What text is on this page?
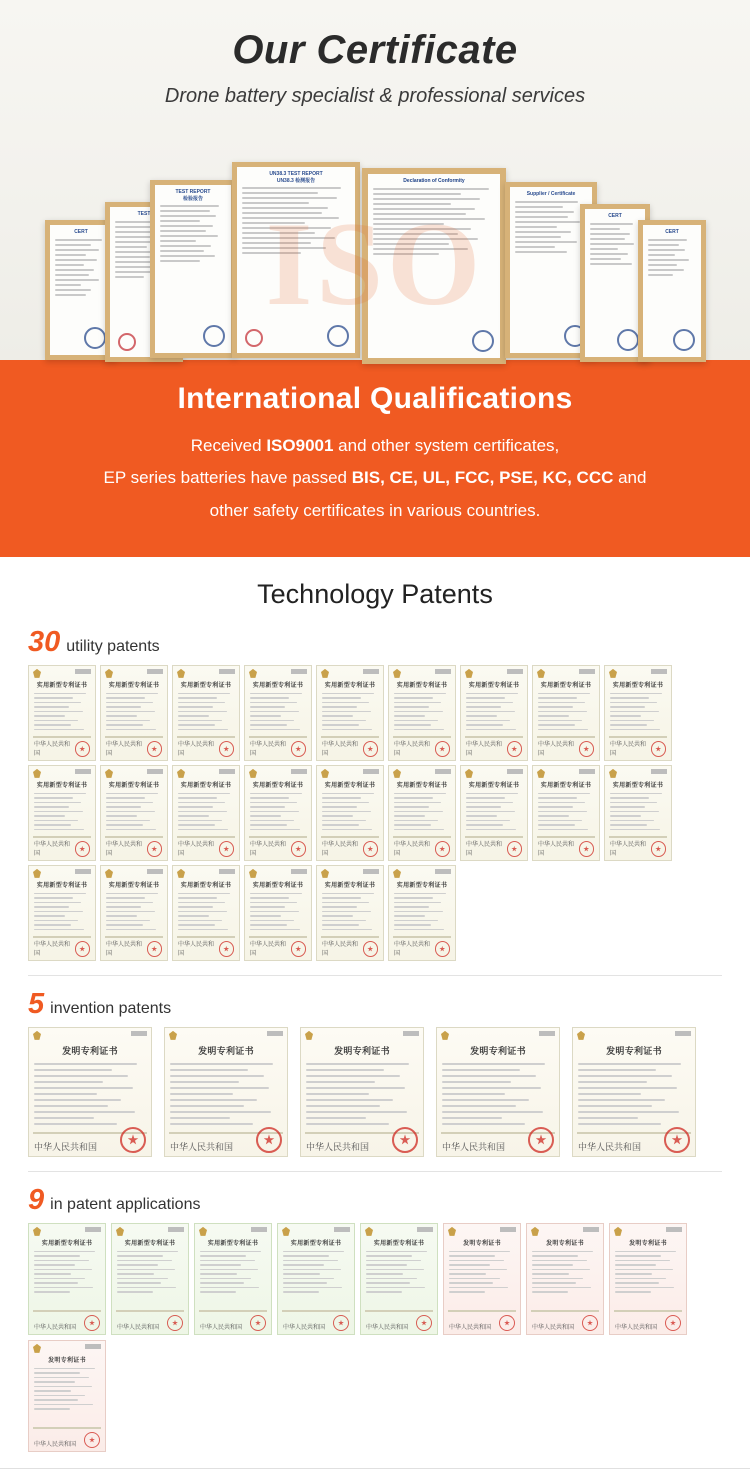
Our Certificate

Drone battery specialist & professional services

CERT
TEST
TEST REPORT
检验报告
UN38.3 TEST REPORT
UN38.3 检测报告	Declaration of Conformity
Supplier / Certificate
CERT
CERT
International Qualifications

Received ISO9001 and other system certificates,
EP series batteries have passed BIS, CE, UL, FCC, PSE, KC, CCC and
other safety certificates in various countries.

Technology Patents
30 utility patents
实用新型专利证书
中华人民共和国
实用新型专利证书
中华人民共和国
实用新型专利证书
中华人民共和国
实用新型专利证书
中华人民共和国
实用新型专利证书
中华人民共和国
实用新型专利证书
中华人民共和国
实用新型专利证书
中华人民共和国
实用新型专利证书
中华人民共和国
实用新型专利证书
中华人民共和国
实用新型专利证书
中华人民共和国
实用新型专利证书
中华人民共和国
实用新型专利证书
中华人民共和国
实用新型专利证书
中华人民共和国
实用新型专利证书
中华人民共和国
实用新型专利证书
中华人民共和国
实用新型专利证书
中华人民共和国
实用新型专利证书
中华人民共和国
实用新型专利证书
中华人民共和国
实用新型专利证书
中华人民共和国
实用新型专利证书
中华人民共和国
实用新型专利证书
中华人民共和国
实用新型专利证书
中华人民共和国
实用新型专利证书
中华人民共和国
实用新型专利证书
中华人民共和国
5 invention patents
发明专利证书
中华人民共和国
发明专利证书
中华人民共和国
发明专利证书
中华人民共和国
发明专利证书
中华人民共和国
发明专利证书
中华人民共和国
9 in patent applications
实用新型专利证书
中华人民共和国
实用新型专利证书
中华人民共和国
实用新型专利证书
中华人民共和国
实用新型专利证书
中华人民共和国
实用新型专利证书
中华人民共和国
发明专利证书
中华人民共和国
发明专利证书
中华人民共和国
发明专利证书
中华人民共和国
发明专利证书
中华人民共和国
